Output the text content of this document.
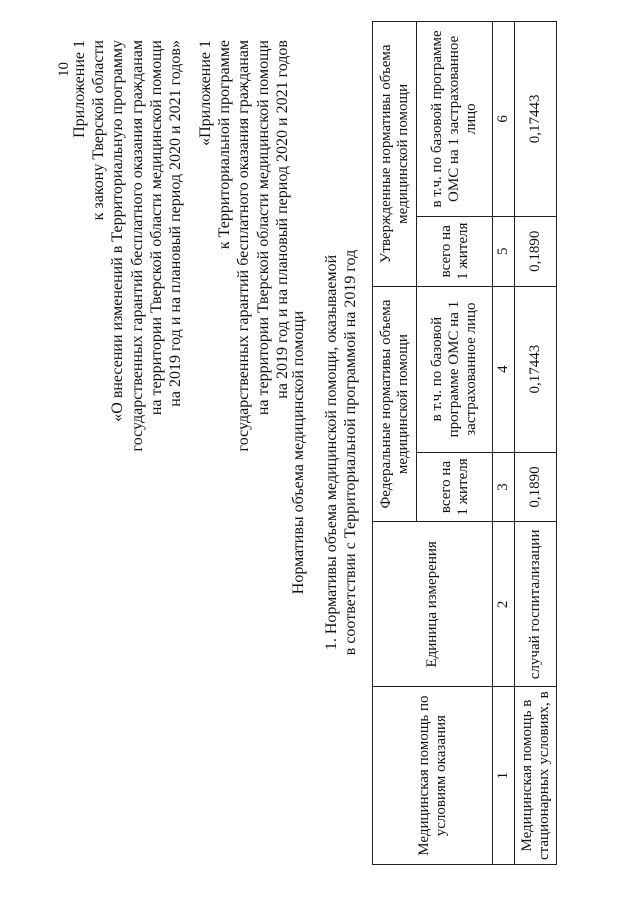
10 Приложение 1 к закону Тверской области «О внесении изменений в Территориальную программу государственных гарантий бесплатного оказания гражданам на территории Тверской области медицинской помощи на 2019 год и на плановый период 2020 и 2021 годов» «Приложение 1 к Территориальной программе государственных гарантий бесплатного оказания гражданам на территории Тверской области медицинской помощи на 2019 год и на плановый период 2020 и 2021 годов

Нормативы объема медицинской помощи 1. Нормативы объема медицинской помощи, оказываемой в соответствии с Территориальной программой на 2019 год

Медицинская помощь по условиям оказания	Единица измерения	Федеральные нормативы объема медицинской помощи		Утвержденные нормативы объема медицинской помощи	
		всего на 1 жителя	в т.ч. по базовой программе ОМС на 1 застрахованное лицо	всего на 1 жителя	в т.ч. по базовой программе ОМС на 1 застрахованное лицо
1	2	3	4	5	6
Медицинская помощь в стационарных условиях, в	случай госпитализации	0,1890	0,17443	0,1890	0,17443
